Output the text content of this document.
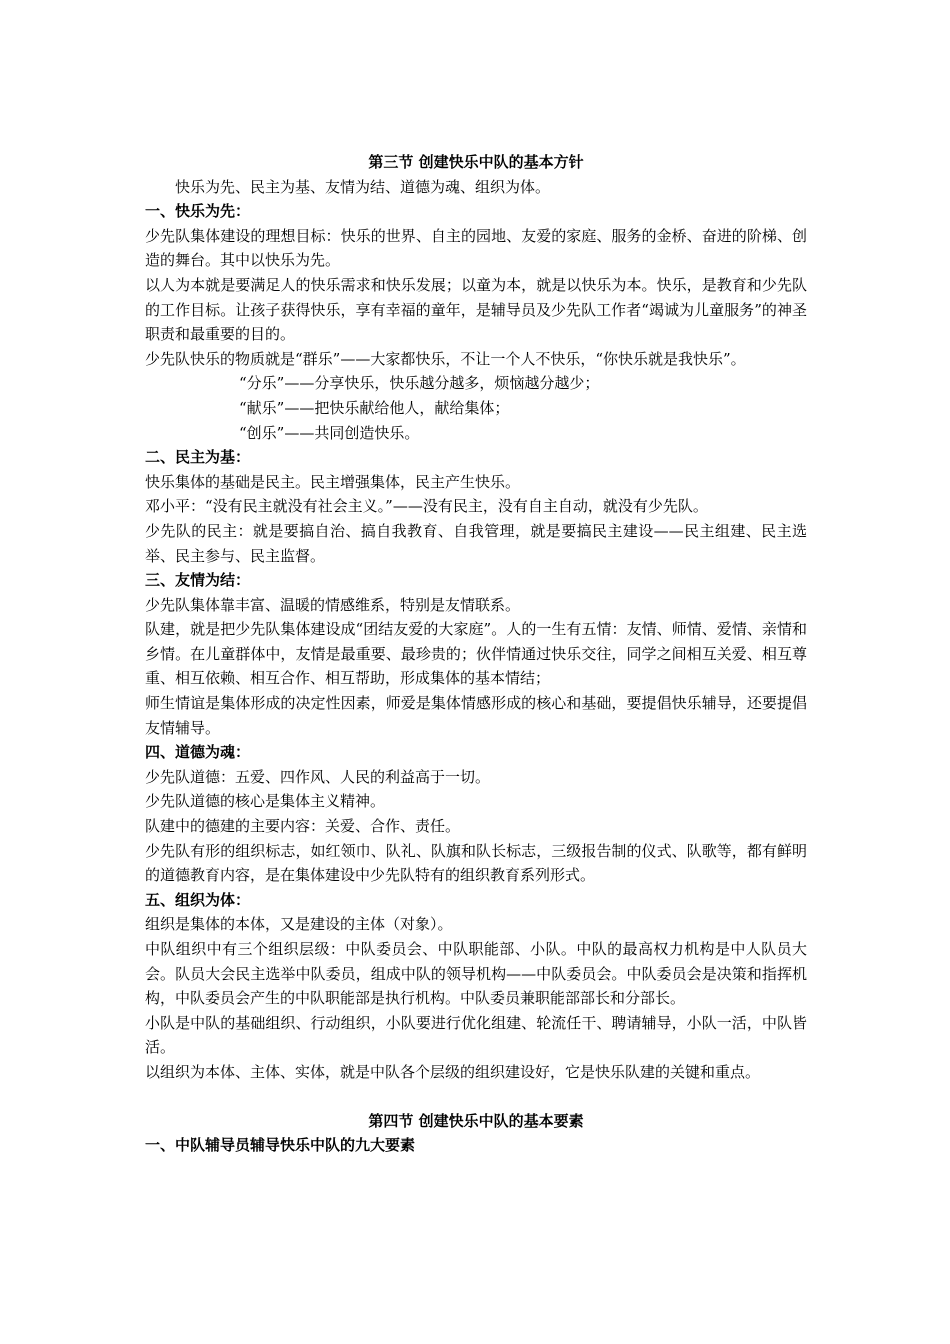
第三节 创建快乐中队的基本方针

快乐为先、民主为基、友情为结、道德为魂、组织为体。

一、快乐为先：

少先队集体建设的理想目标：快乐的世界、自主的园地、友爱的家庭、服务的金桥、奋进的阶梯、创造的舞台。其中以快乐为先。

以人为本就是要满足人的快乐需求和快乐发展；以童为本，就是以快乐为本。快乐，是教育和少先队的工作目标。让孩子获得快乐，享有幸福的童年，是辅导员及少先队工作者“竭诚为儿童服务”的神圣职责和最重要的目的。

少先队快乐的物质就是“群乐”——大家都快乐，不让一个人不快乐，“你快乐就是我快乐”。

“分乐”——分享快乐，快乐越分越多，烦恼越分越少；

“献乐”——把快乐献给他人，献给集体；

“创乐”——共同创造快乐。

二、民主为基：

快乐集体的基础是民主。民主增强集体，民主产生快乐。

邓小平：“没有民主就没有社会主义。”——没有民主，没有自主自动，就没有少先队。

少先队的民主：就是要搞自治、搞自我教育、自我管理，就是要搞民主建设——民主组建、民主选举、民主参与、民主监督。

三、友情为结：

少先队集体靠丰富、温暖的情感维系，特别是友情联系。

队建，就是把少先队集体建设成“团结友爱的大家庭”。人的一生有五情：友情、师情、爱情、亲情和乡情。在儿童群体中，友情是最重要、最珍贵的；伙伴情通过快乐交往，同学之间相互关爱、相互尊重、相互依赖、相互合作、相互帮助，形成集体的基本情结；

师生情谊是集体形成的决定性因素，师爱是集体情感形成的核心和基础，要提倡快乐辅导，还要提倡友情辅导。

四、道德为魂：

少先队道德：五爱、四作风、人民的利益高于一切。

少先队道德的核心是集体主义精神。

队建中的德建的主要内容：关爱、合作、责任。

少先队有形的组织标志，如红领巾、队礼、队旗和队长标志，三级报告制的仪式、队歌等，都有鲜明的道德教育内容，是在集体建设中少先队特有的组织教育系列形式。

五、组织为体：

组织是集体的本体，又是建设的主体（对象）。

中队组织中有三个组织层级：中队委员会、中队职能部、小队。中队的最高权力机构是中人队员大会。队员大会民主选举中队委员，组成中队的领导机构——中队委员会。中队委员会是决策和指挥机构，中队委员会产生的中队职能部是执行机构。中队委员兼职能部部长和分部长。

小队是中队的基础组织、行动组织，小队要进行优化组建、轮流任干、聘请辅导，小队一活，中队皆活。

以组织为本体、主体、实体，就是中队各个层级的组织建设好，它是快乐队建的关键和重点。

第四节 创建快乐中队的基本要素

一、中队辅导员辅导快乐中队的九大要素
